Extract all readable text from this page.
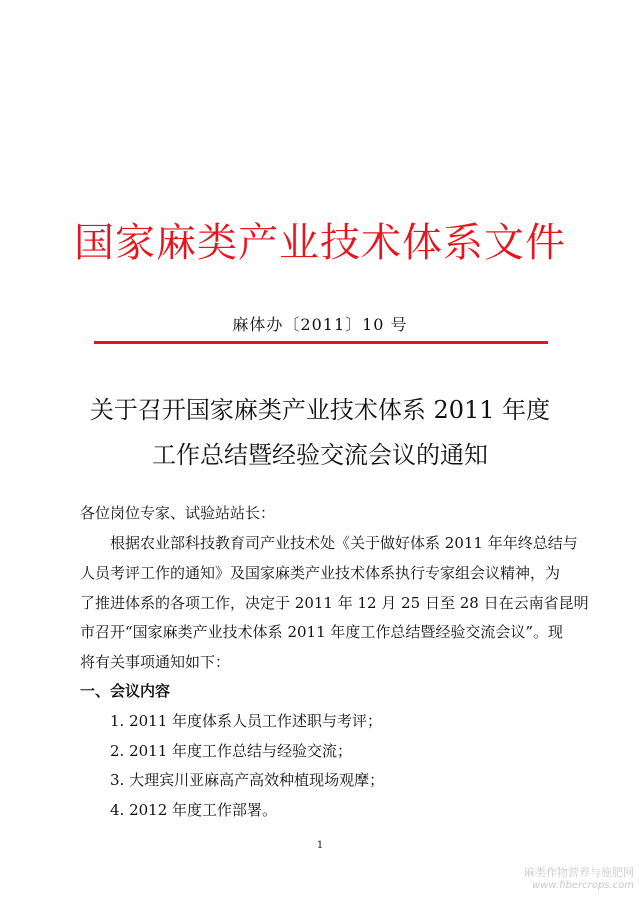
国家麻类产业技术体系文件
麻体办〔2011〕10 号
关于召开国家麻类产业技术体系 2011 年度
工作总结暨经验交流会议的通知
各位岗位专家、试验站站长：
根据农业部科技教育司产业技术处《关于做好体系 2011 年年终总结与
人员考评工作的通知》及国家麻类产业技术体系执行专家组会议精神，为
了推进体系的各项工作，决定于 2011 年 12 月 25 日至 28 日在云南省昆明
市召开“国家麻类产业技术体系 2011 年度工作总结暨经验交流会议”。现
将有关事项通知如下：
一、会议内容
1. 2011 年度体系人员工作述职与考评；
2. 2011 年度工作总结与经验交流；
3. 大理宾川亚麻高产高效种植现场观摩；
4. 2012 年度工作部署。
1
麻类作物营养与施肥网
www.fibercrops.com
